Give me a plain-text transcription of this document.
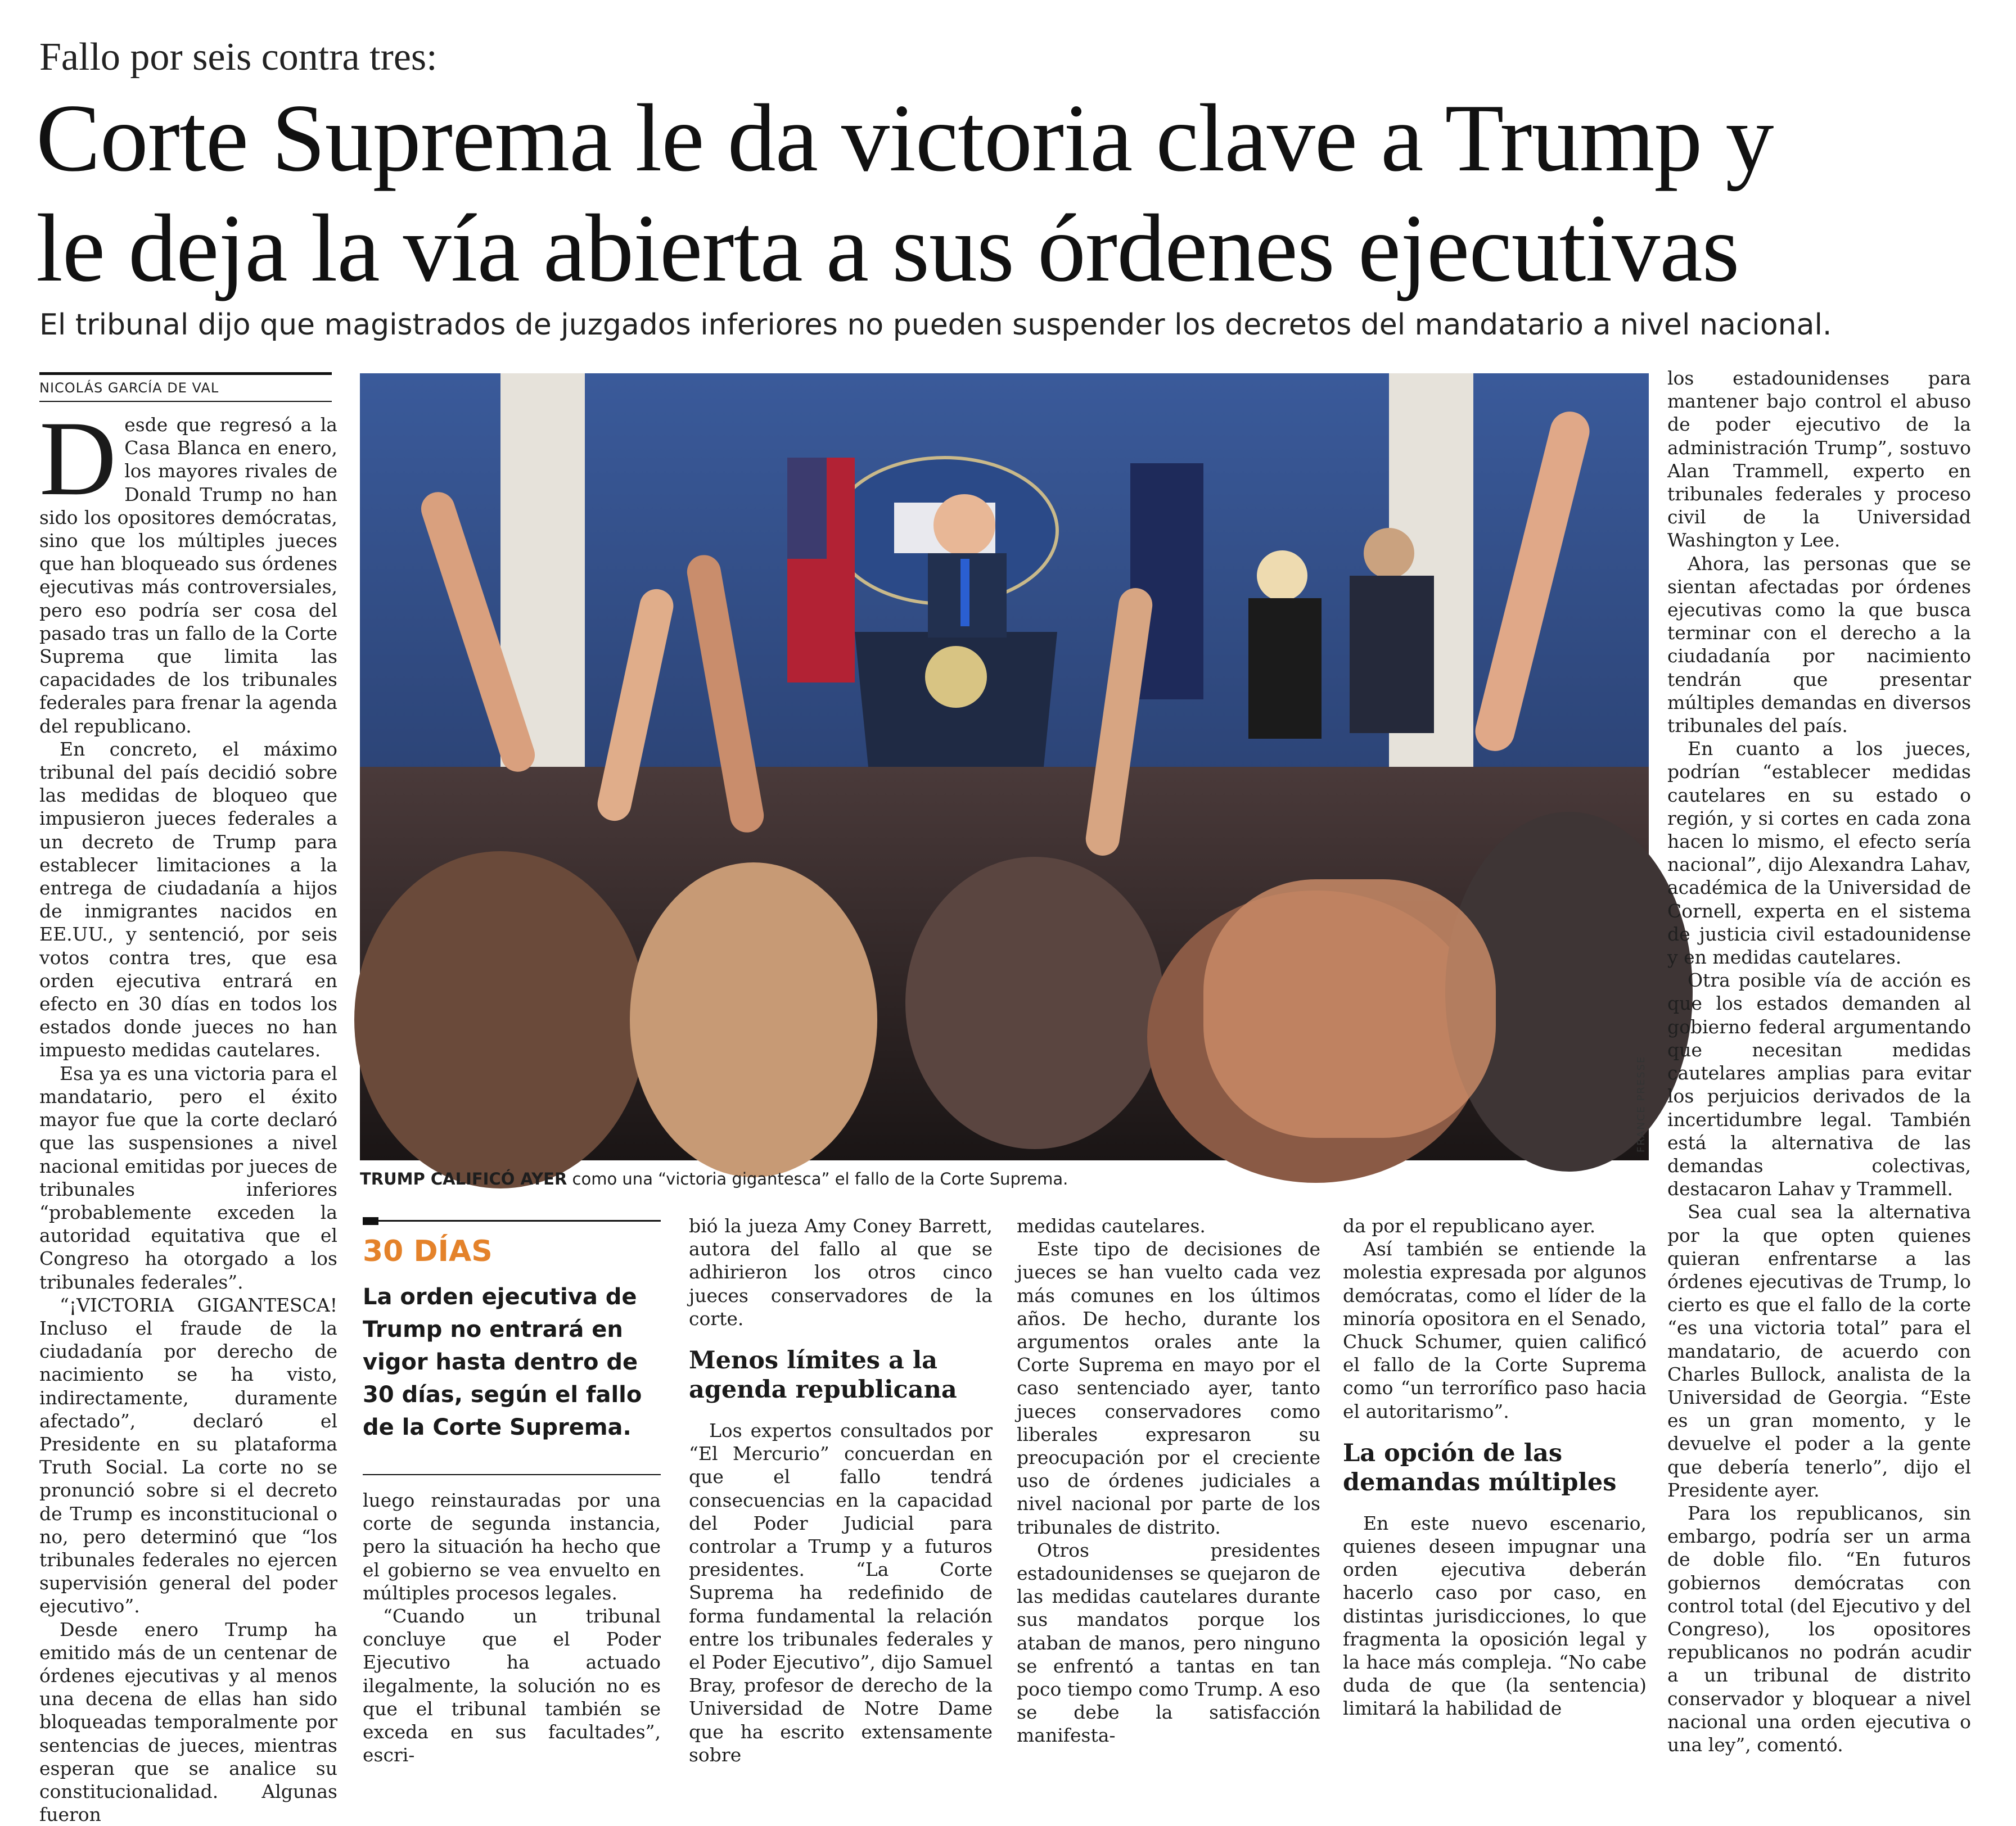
Fallo por seis contra tres:
Corte Suprema le da victoria clave a Trump y
le deja la vía abierta a sus órdenes ejecutivas
El tribunal dijo que magistrados de juzgados inferiores no pueden suspender los decretos del mandatario a nivel nacional.
NICOLÁS GARCÍA DE VAL

Desde que regresó a la Casa Blanca en enero, los mayores rivales de Donald Trump no han sido los opositores demócratas, sino que los múltiples jueces que han bloqueado sus órdenes ejecutivas más controversiales, pero eso podría ser cosa del pasado tras un fallo de la Corte Suprema que limita las capacidades de los tribunales federales para frenar la agenda del republicano.

En concreto, el máximo tribunal del país decidió sobre las medidas de bloqueo que impusieron jueces federales a un decreto de Trump para establecer limitaciones a la entrega de ciudadanía a hijos de inmigrantes nacidos en EE.UU., y sentenció, por seis votos contra tres, que esa orden ejecutiva entrará en efecto en 30 días en todos los estados donde jueces no han impuesto medidas cautelares.

Esa ya es una victoria para el mandatario, pero el éxito mayor fue que la corte declaró que las suspensiones a nivel nacional emitidas por jueces de tribunales inferiores “probablemente exceden la autoridad equitativa que el Congreso ha otorgado a los tribunales federales”.

“¡VICTORIA GIGANTESCA! Incluso el fraude de la ciudadanía por derecho de nacimiento se ha visto, indirectamente, duramente afectado”, declaró el Presidente en su plataforma Truth Social. La corte no se pronunció sobre si el decreto de Trump es inconstitucional o no, pero determinó que “los tribunales federales no ejercen supervisión general del poder ejecutivo”.

Desde enero Trump ha emitido más de un centenar de órdenes ejecutivas y al menos una decena de ellas han sido bloqueadas temporalmente por sentencias de jueces, mientras esperan que se analice su constitucionalidad. Algunas fueron

FRANCE PRESSE
TRUMP CALIFICÓ AYER como una “victoria gigantesca” el fallo de la Corte Suprema.
30 DÍAS
La orden ejecutiva de Trump no entrará en vigor hasta dentro de 30 días, según el fallo de la Corte Suprema.

luego reinstauradas por una corte de segunda instancia, pero la situación ha hecho que el gobierno se vea envuelto en múltiples procesos legales.

“Cuando un tribunal concluye que el Poder Ejecutivo ha actuado ilegalmente, la solución no es que el tribunal también se exceda en sus facultades”, escri-

bió la jueza Amy Coney Barrett, autora del fallo al que se adhirieron los otros cinco jueces conservadores de la corte.

Menos límites a la agenda republicana

Los expertos consultados por “El Mercurio” concuerdan en que el fallo tendrá consecuencias en la capacidad del Poder Judicial para controlar a Trump y a futuros presidentes. “La Corte Suprema ha redefinido de forma fundamental la relación entre los tribunales federales y el Poder Ejecutivo”, dijo Samuel Bray, profesor de derecho de la Universidad de Notre Dame que ha escrito extensamente sobre

medidas cautelares.

Este tipo de decisiones de jueces se han vuelto cada vez más comunes en los últimos años. De hecho, durante los argumentos orales ante la Corte Suprema en mayo por el caso sentenciado ayer, tanto jueces conservadores como liberales expresaron su preocupación por el creciente uso de órdenes judiciales a nivel nacional por parte de los tribunales de distrito.

Otros presidentes estadounidenses se quejaron de las medidas cautelares durante sus mandatos porque los ataban de manos, pero ninguno se enfrentó a tantas en tan poco tiempo como Trump. A eso se debe la satisfacción manifesta-

da por el republicano ayer.

Así también se entiende la molestia expresada por algunos demócratas, como el líder de la minoría opositora en el Senado, Chuck Schumer, quien calificó el fallo de la Corte Suprema como “un terrorífico paso hacia el autoritarismo”.

La opción de las demandas múltiples

En este nuevo escenario, quienes deseen impugnar una orden ejecutiva deberán hacerlo caso por caso, en distintas jurisdicciones, lo que fragmenta la oposición legal y la hace más compleja. “No cabe duda de que (la sentencia) limitará la habilidad de

los estadounidenses para mantener bajo control el abuso de poder ejecutivo de la administración Trump”, sostuvo Alan Trammell, experto en tribunales federales y proceso civil de la Universidad Washington y Lee.

Ahora, las personas que se sientan afectadas por órdenes ejecutivas como la que busca terminar con el derecho a la ciudadanía por nacimiento tendrán que presentar múltiples demandas en diversos tribunales del país.

En cuanto a los jueces, podrían “establecer medidas cautelares en su estado o región, y si cortes en cada zona hacen lo mismo, el efecto sería nacional”, dijo Alexandra Lahav, académica de la Universidad de Cornell, experta en el sistema de justicia civil estadounidense y en medidas cautelares.

Otra posible vía de acción es que los estados demanden al gobierno federal argumentando que necesitan medidas cautelares amplias para evitar los perjuicios derivados de la incertidumbre legal. También está la alternativa de las demandas colectivas, destacaron Lahav y Trammell.

Sea cual sea la alternativa por la que opten quienes quieran enfrentarse a las órdenes ejecutivas de Trump, lo cierto es que el fallo de la corte “es una victoria total” para el mandatario, de acuerdo con Charles Bullock, analista de la Universidad de Georgia. “Este es un gran momento, y le devuelve el poder a la gente que debería tenerlo”, dijo el Presidente ayer.

Para los republicanos, sin embargo, podría ser un arma de doble filo. “En futuros gobiernos demócratas con control total (del Ejecutivo y del Congreso), los opositores republicanos no podrán acudir a un tribunal de distrito conservador y bloquear a nivel nacional una orden ejecutiva o una ley”, comentó.
